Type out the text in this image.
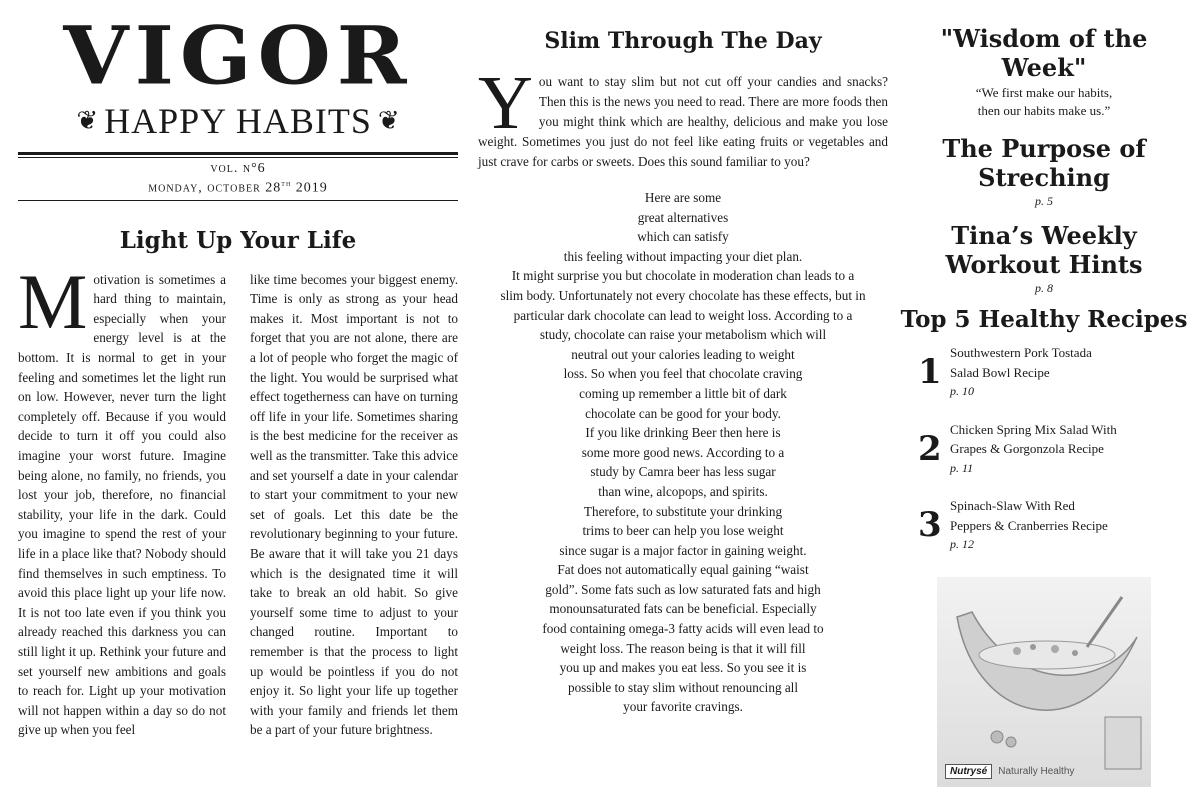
VIGOR
❦ HAPPY HABITS ❦
vol. n°6
monday, october 28th 2019
Light Up Your Life
Motivation is sometimes a hard thing to maintain, especially when your energy level is at the bottom. It is normal to get in your feeling and sometimes let the light run on low. However, never turn the light completely off. Because if you would decide to turn it off you could also imagine your worst future. Imagine being alone, no family, no friends, you lost your job, therefore, no financial stability, your life in the dark. Could you imagine to spend the rest of your life in a place like that? Nobody should find themselves in such emptiness. To avoid this place light up your life now. It is not too late even if you think you already reached this darkness you can still light it up. Rethink your future and set yourself new ambitions and goals to reach for. Light up your motivation will not happen within a day so do not give up when you feel
like time becomes your biggest enemy. Time is only as strong as your head makes it. Most important is not to forget that you are not alone, there are a lot of people who forget the magic of the light. You would be surprised what effect togetherness can have on turning off life in your life. Sometimes sharing is the best medicine for the receiver as well as the transmitter. Take this advice and set yourself a date in your calendar to start your commitment to your new set of goals. Let this date be the revolutionary beginning to your future. Be aware that it will take you 21 days which is the designated time it will take to break an old habit. So give yourself some time to adjust to your changed routine. Important to remember is that the process to light up would be pointless if you do not enjoy it. So light your life up together with your family and friends let them be a part of your future brightness.
Slim Through The Day
You want to stay slim but not cut off your candies and snacks? Then this is the news you need to read. There are more foods then you might think which are healthy, delicious and make you lose weight. Sometimes you just do not feel like eating fruits or vegetables and just crave for carbs or sweets. Does this sound familiar to you?
Here are some
great alternatives
which can satisfy
this feeling without impacting your diet plan.
It might surprise you but chocolate in moderation chan leads to a
slim body. Unfortunately not every chocolate has these effects, but in
particular dark chocolate can lead to weight loss. According to a
study, chocolate can raise your metabolism which will
neutral out your calories leading to weight
loss. So when you feel that chocolate craving
coming up remember a little bit of dark
chocolate can be good for your body.
If you like drinking Beer then here is
some more good news. According to a
study by Camra beer has less sugar
than wine, alcopops, and spirits.
Therefore, to substitute your drinking
trims to beer can help you lose weight
since sugar is a major factor in gaining weight.
Fat does not automatically equal gaining “waist
gold”. Some fats such as low saturated fats and high
monounsaturated fats can be beneficial. Especially
food containing omega-3 fatty acids will even lead to
weight loss. The reason being is that it will fill
you up and makes you eat less. So you see it is
possible to stay slim without renouncing all
your favorite cravings.
"Wisdom of the Week"
“We first make our habits,
then our habits make us.”
The Purpose of
Streching
p. 5
Tina’s Weekly
Workout Hints
p. 8
Top 5 Healthy Recipes
1 Southwestern Pork Tostada
Salad Bowl Recipe
p. 10
2 Chicken Spring Mix Salad With
Grapes & Gorgonzola Recipe
p. 11
3 Spinach-Slaw With Red
Peppers & Cranberries Recipe
p. 12
Nutrysé	Naturally Healthy
